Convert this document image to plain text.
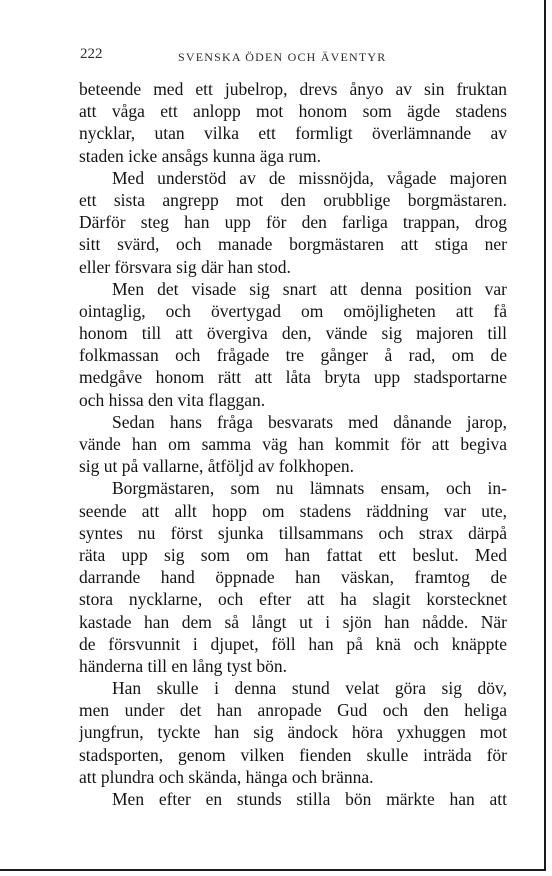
222	SVENSKA ÖDEN OCH ÄVENTYR
beteende med ett jubelrop, drevs ånyo av sin fruktan
att våga ett anlopp mot honom som ägde stadens
nycklar, utan vilka ett formligt överlämnande av
staden icke ansågs kunna äga rum.
Med understöd av de missnöjda, vågade majoren
ett sista angrepp mot den orubblige borgmästaren.
Därför steg han upp för den farliga trappan, drog
sitt svärd, och manade borgmästaren att stiga ner
eller försvara sig där han stod.
Men det visade sig snart att denna position var
ointaglig, och övertygad om omöjligheten att få
honom till att övergiva den, vände sig majoren till
folkmassan och frågade tre gånger å rad, om de
medgåve honom rätt att låta bryta upp stadsportarne
och hissa den vita flaggan.
Sedan hans fråga besvarats med dånande jarop,
vände han om samma väg han kommit för att begiva
sig ut på vallarne, åtföljd av folkhopen.
Borgmästaren, som nu lämnats ensam, och in-
seende att allt hopp om stadens räddning var ute,
syntes nu först sjunka tillsammans och strax därpå
räta upp sig som om han fattat ett beslut. Med
darrande hand öppnade han väskan, framtog de
stora nycklarne, och efter att ha slagit korstecknet
kastade han dem så långt ut i sjön han nådde. När
de försvunnit i djupet, föll han på knä och knäppte
händerna till en lång tyst bön.
Han skulle i denna stund velat göra sig döv,
men under det han anropade Gud och den heliga
jungfrun, tyckte han sig ändock höra yxhuggen mot
stadsporten, genom vilken fienden skulle inträda för
att plundra och skända, hänga och bränna.
Men efter en stunds stilla bön märkte han att
